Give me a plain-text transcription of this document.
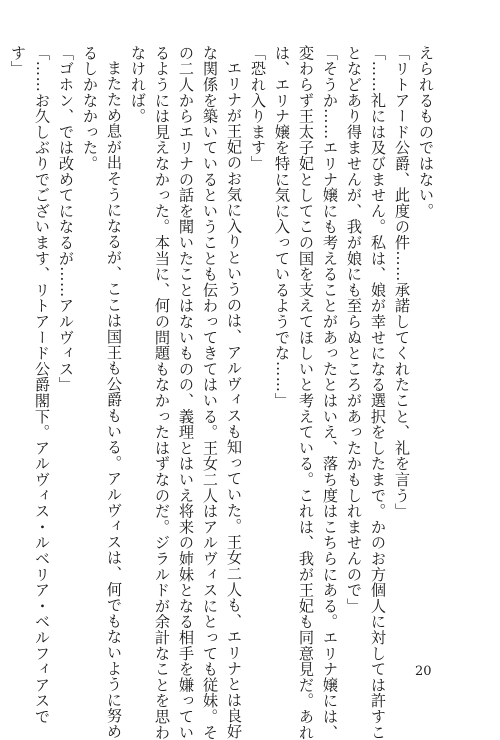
えられるものではない。
「リトアード公爵、此度の件……承諾してくれたこと、礼を言う」
「……礼には及びません。私は、娘が幸せになる選択をしたまで。かのお方個人に対しては許すこ
となどあり得ませんが、我が娘にも至らぬところがあったかもしれませんので」
「そうか……エリナ嬢にも考えることがあったとはいえ、落ち度はこちらにある。エリナ嬢には、
変わらず王太子妃としてこの国を支えてほしいと考えている。これは、我が王妃も同意見だ。あれ
は、エリナ嬢を特に気に入っているようでな……」
「恐れ入ります」
エリナが王妃のお気に入りというのは、アルヴィスも知っていた。王女二人も、エリナとは良好
な関係を築いているということも伝わってきてはいる。王女二人はアルヴィスにとっても従妹。そ
の二人からエリナの話を聞いたことはないものの、義理とはいえ将来の姉妹となる相手を嫌ってい
るようには見えなかった。本当に、何の問題もなかったはずなのだ。ジラルドが余計なことを思わ
なければ。
またため息が出そうになるが、ここは国王も公爵もいる。アルヴィスは、何でもないように努め
るしかなかった。
「ゴホン、では改めてになるが……アルヴィス」
「……お久しぶりでございます、リトアード公爵閣下。アルヴィス・ルベリア・ベルフィアスで
す」
20
